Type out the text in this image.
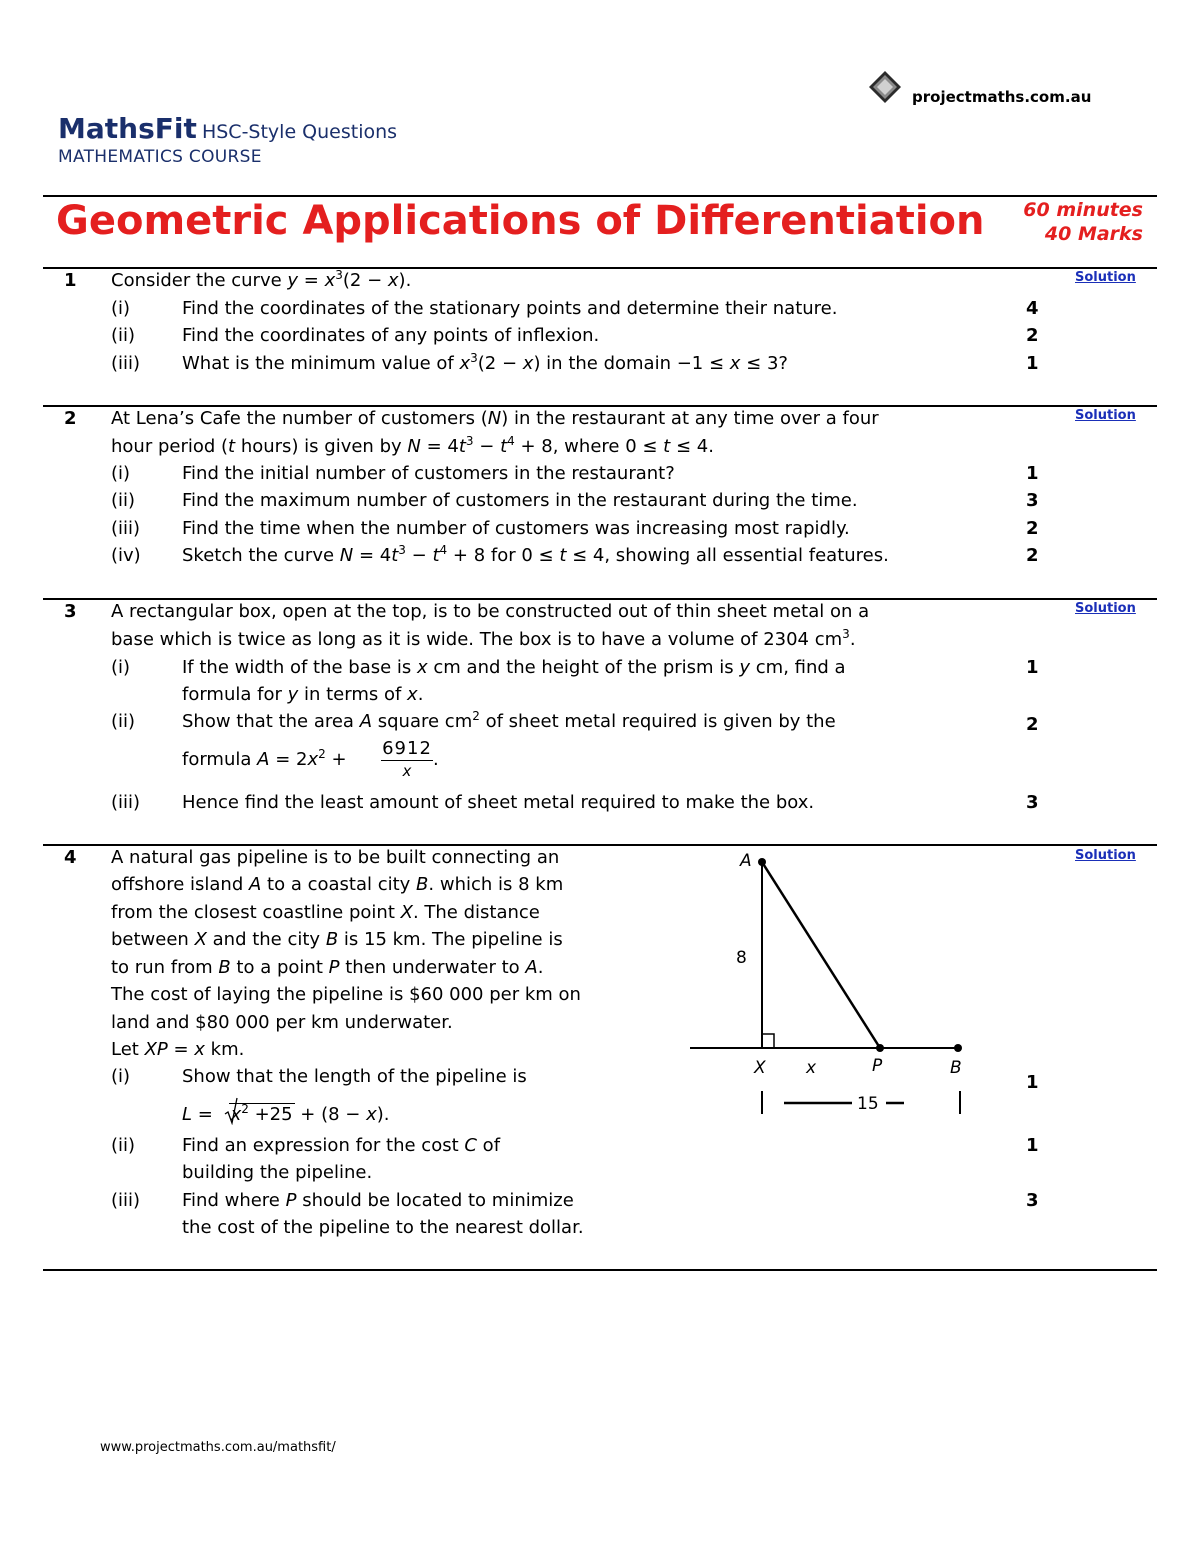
projectmaths.com.au
MathsFit HSC-Style Questions
MATHEMATICS COURSE
Geometric Applications of Differentiation 60 minutes
40 Marks
1 Consider the curve $y = x^3(2 - x)$.	Solution
(i)	Find the coordinates of the stationary points and determine their nature.	4
(ii)	Find the coordinates of any points of inflexion.	2
(iii) What is the minimum value of $x^3(2 - x)$ in the domain −1 ≤ x ≤ 3?	1
2 At Lena’s Cafe the number of customers (N) in the restaurant at any time over a four	Solution
hour period (t hours) is given by $N = 4t^3 - t^4 + 8$, where 0 ≤ t ≤ 4.
(i)	Find the initial number of customers in the restaurant?	1
(ii)	Find the maximum number of customers in the restaurant during the time.	3
(iii) Find the time when the number of customers was increasing most rapidly.	2
(iv) Sketch the curve $N = 4t^3 - t^4 + 8$ for 0 ≤ t ≤ 4, showing all essential features.	2
3 A rectangular box, open at the top, is to be constructed out of thin sheet metal on a	Solution
base which is twice as long as it is wide. The box is to have a volume of 2304 $cm^3$.
(i)	If the width of the base is x cm and the height of the prism is y cm, find a	1
formula for y in terms of x.
(ii)	Show that the area A square $cm^2$ of sheet metal required is given by the	2
formula $A = 2x^2$ +
6912
x
.
(iii) Hence find the least amount of sheet metal required to make the box.	3
4	Solution
A natural gas pipeline is to be built connecting an
offshore island A to a coastal city B. which is 8 km
from the closest coastline point X. The distance
between X and the city B is 15 km. The pipeline is
to run from B to a point P then underwater to A.
The cost of laying the pipeline is $60 000 per km on
land and $80 000 per km underwater.
Let XP = x km.
(i)	Show that the length of the pipeline is	1
$L = x^2 +25 + (8 - x)$.
(ii)	Find an expression for the cost C of	1
building the pipeline.
(iii) Find where P should be located to minimize	3
the cost of the pipeline to the nearest dollar.
A
8
X x	P	B
15
www.projectmaths.com.au/mathsfit/
